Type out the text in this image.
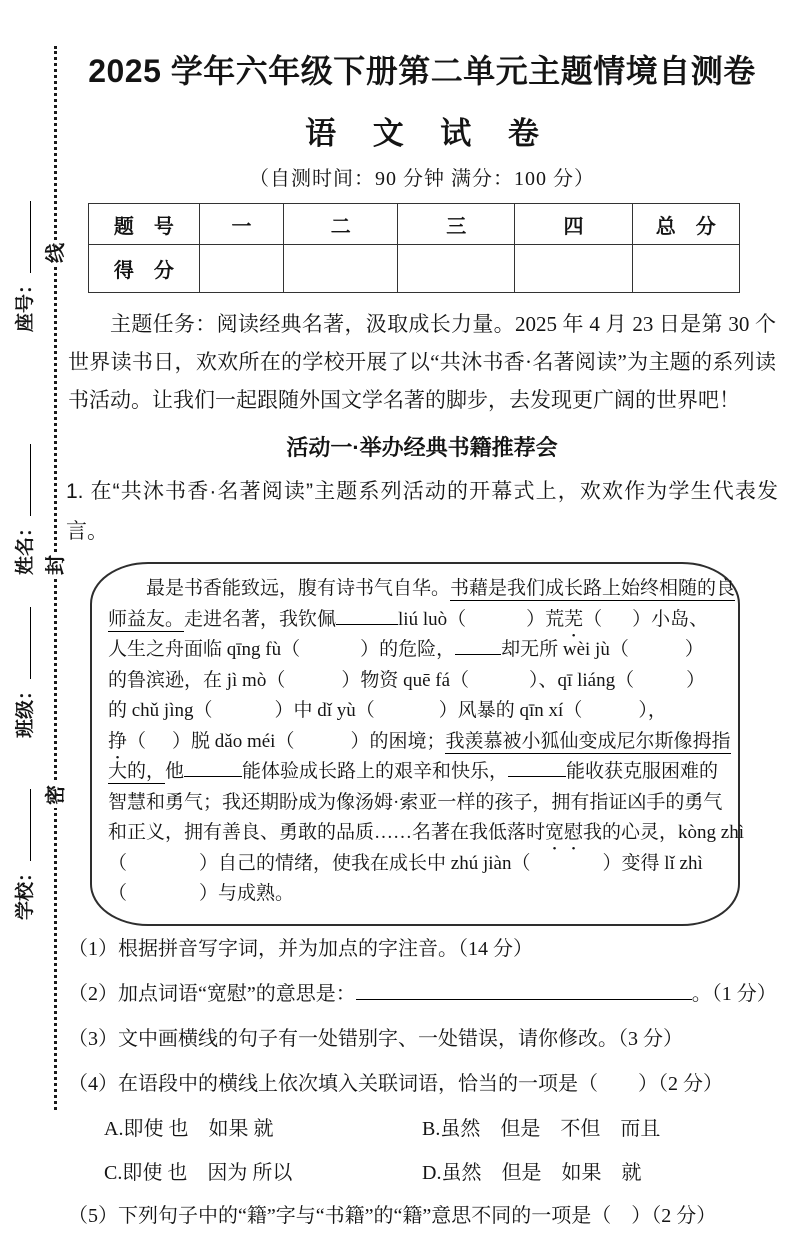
线
封
密
座号：
姓名：
班级：
学校：
2025 学年六年级下册第二单元主题情境自测卷
语 文 试 卷
（自测时间：90 分钟 满分：100 分）
题　号	一	二	三	四	总　分
得　分					

主题任务：阅读经典名著，汲取成长力量。2025 年 4 月 23 日是第 30 个世界读书日，欢欢所在的学校开展了以“共沐书香·名著阅读”为主题的系列读书活动。让我们一起跟随外国文学名著的脚步，去发现更广阔的世界吧！

活动一·举办经典书籍推荐会
1. 在“共沐书香·名著阅读”主题系列活动的开幕式上，欢欢作为学生代表发言。
　　最是书香能致远，腹有诗书气自华。书藉是我们成长路上始终相随的良
师益友。走进名著，我钦佩	liú luò（	）荒芜（ ）小岛、
人生之舟面临 qīng fù（	）的危险， 却无所 wèi jù（	）
的鲁滨逊，在 jì mò（	）物资 quē fá（	）、qī liáng（	）
的 chǔ jìng（	）中 dǐ yù（	）风暴的 qīn xí（	），
挣（ ）脱 dǎo méi（	）的困境；我羡慕被小狐仙变成尼尔斯像拇指
大的，他	能体验成长路上的艰辛和快乐，	能收获克服困难的
智慧和勇气；我还期盼成为像汤姆·索亚一样的孩子，拥有指证凶手的勇气
和正义，拥有善良、勇敢的品质……名著在我低落时宽慰我的心灵，kòng zhì
（	）自己的情绪，使我在成长中 zhú jiàn（	）变得 lǐ zhì
（	）与成熟。
（1）根据拼音写字词，并为加点的字注音。（14 分）
（2）加点词语“宽慰”的意思是：	。（1 分）
（3）文中画横线的句子有一处错别字、一处错误，请你修改。（3 分）
（4）在语段中的横线上依次填入关联词语，恰当的一项是（　　）（2 分）
A.即使 也　如果 就	B.虽然　但是　不但　而且
C.即使 也　因为 所以	D.虽然　但是　如果　就
（5）下列句子中的“籍”字与“书籍”的“籍”意思不同的一项是（　）（2 分）
